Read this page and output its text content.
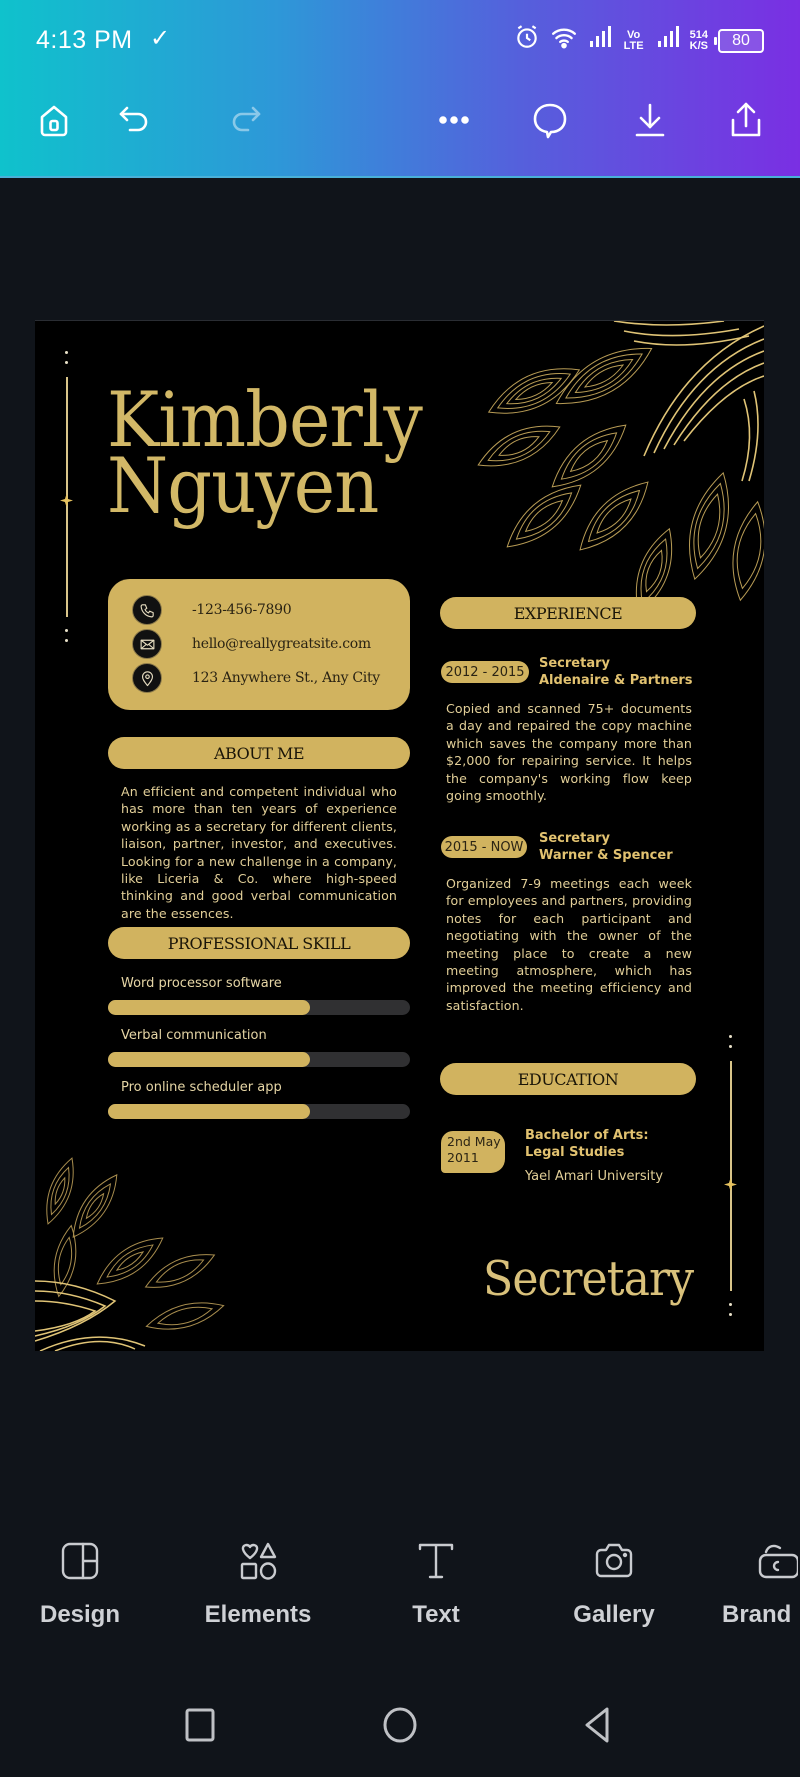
4:13 PM ✓︎	Vo LTE
514
K/S	80
Kimberly
Nguyen
-123-456-7890
hello@reallygreatsite.com
123 Anywhere St., Any City
ABOUT ME
An efficient and competent individual who has more than ten years of experience working as a secretary for different clients, liaison, partner, investor, and executives. Looking for a new challenge in a company, like Liceria & Co. where high-speed thinking and good verbal communication are the essences.
PROFESSIONAL SKILL
Word processor software
Verbal communication
Pro online scheduler app
EXPERIENCE
2012 - 2015
Secretary
Aldenaire & Partners
Copied and scanned 75+ documents a day and repaired the copy machine which saves the company more than $2,000 for repairing service. It helps the company's working flow keep going smoothly.
2015 - NOW
Secretary
Warner & Spencer
Organized 7-9 meetings each week for employees and partners, providing notes for each participant and negotiating with the owner of the meeting place to create a new meeting atmosphere, which has improved the meeting efficiency and satisfaction.
EDUCATION
2nd May
2011
Bachelor of Arts:
Legal Studies
Yael Amari University
Secretary
Design	Elements	Text	Gallery	Brand
